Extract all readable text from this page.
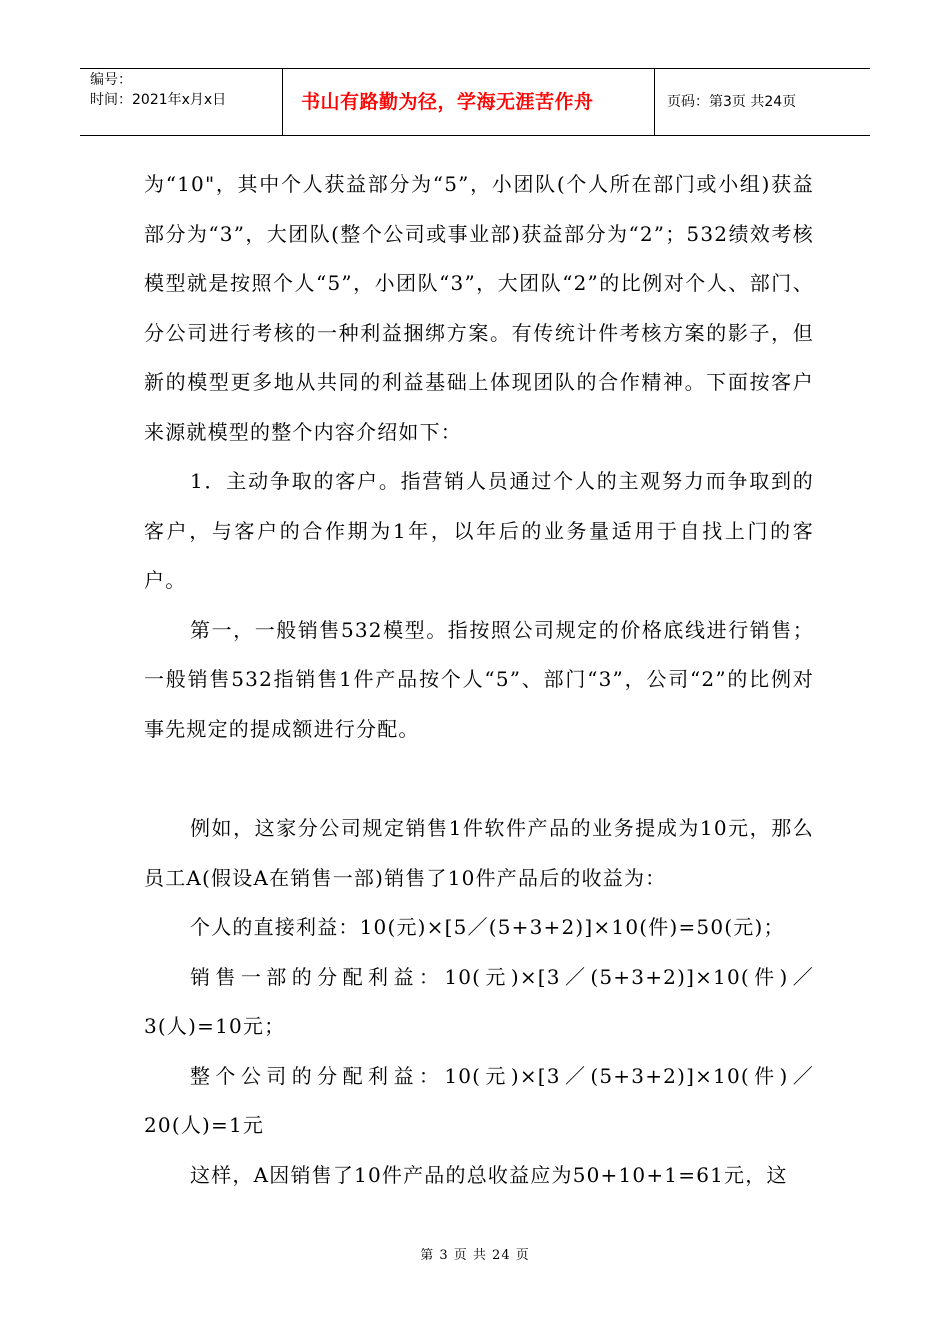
编号：
时间：2021年x月x日	书山有路勤为径，学海无涯苦作舟	页码：第3页 共24页

为“10"，其中个人获益部分为“5”，小团队(个人所在部门或小组)获益部分为“3”，大团队(整个公司或事业部)获益部分为“2”；532绩效考核模型就是按照个人“5”，小团队“3”，大团队“2”的比例对个人、部门、分公司进行考核的一种利益捆绑方案。有传统计件考核方案的影子，但新的模型更多地从共同的利益基础上体现团队的合作精神。下面按客户来源就模型的整个内容介绍如下：

1．主动争取的客户。指营销人员通过个人的主观努力而争取到的客户，与客户的合作期为1年，以年后的业务量适用于自找上门的客户。

第一，一般销售532模型。指按照公司规定的价格底线进行销售；一般销售532指销售1件产品按个人“5”、部门“3”，公司“2”的比例对事先规定的提成额进行分配。

例如，这家分公司规定销售1件软件产品的业务提成为10元，那么员工A(假设A在销售一部)销售了10件产品后的收益为：

个人的直接利益：10(元)×[5／(5+3+2)]×10(件)=50(元)；

销售一部的分配利益：10(元)×[3／(5+3+2)]×10(件)／3(人)=10元；

整个公司的分配利益：10(元)×[3／(5+3+2)]×10(件)／20(人)=1元

这样，A因销售了10件产品的总收益应为50+10+1=61元，这

第 3 页 共 24 页
